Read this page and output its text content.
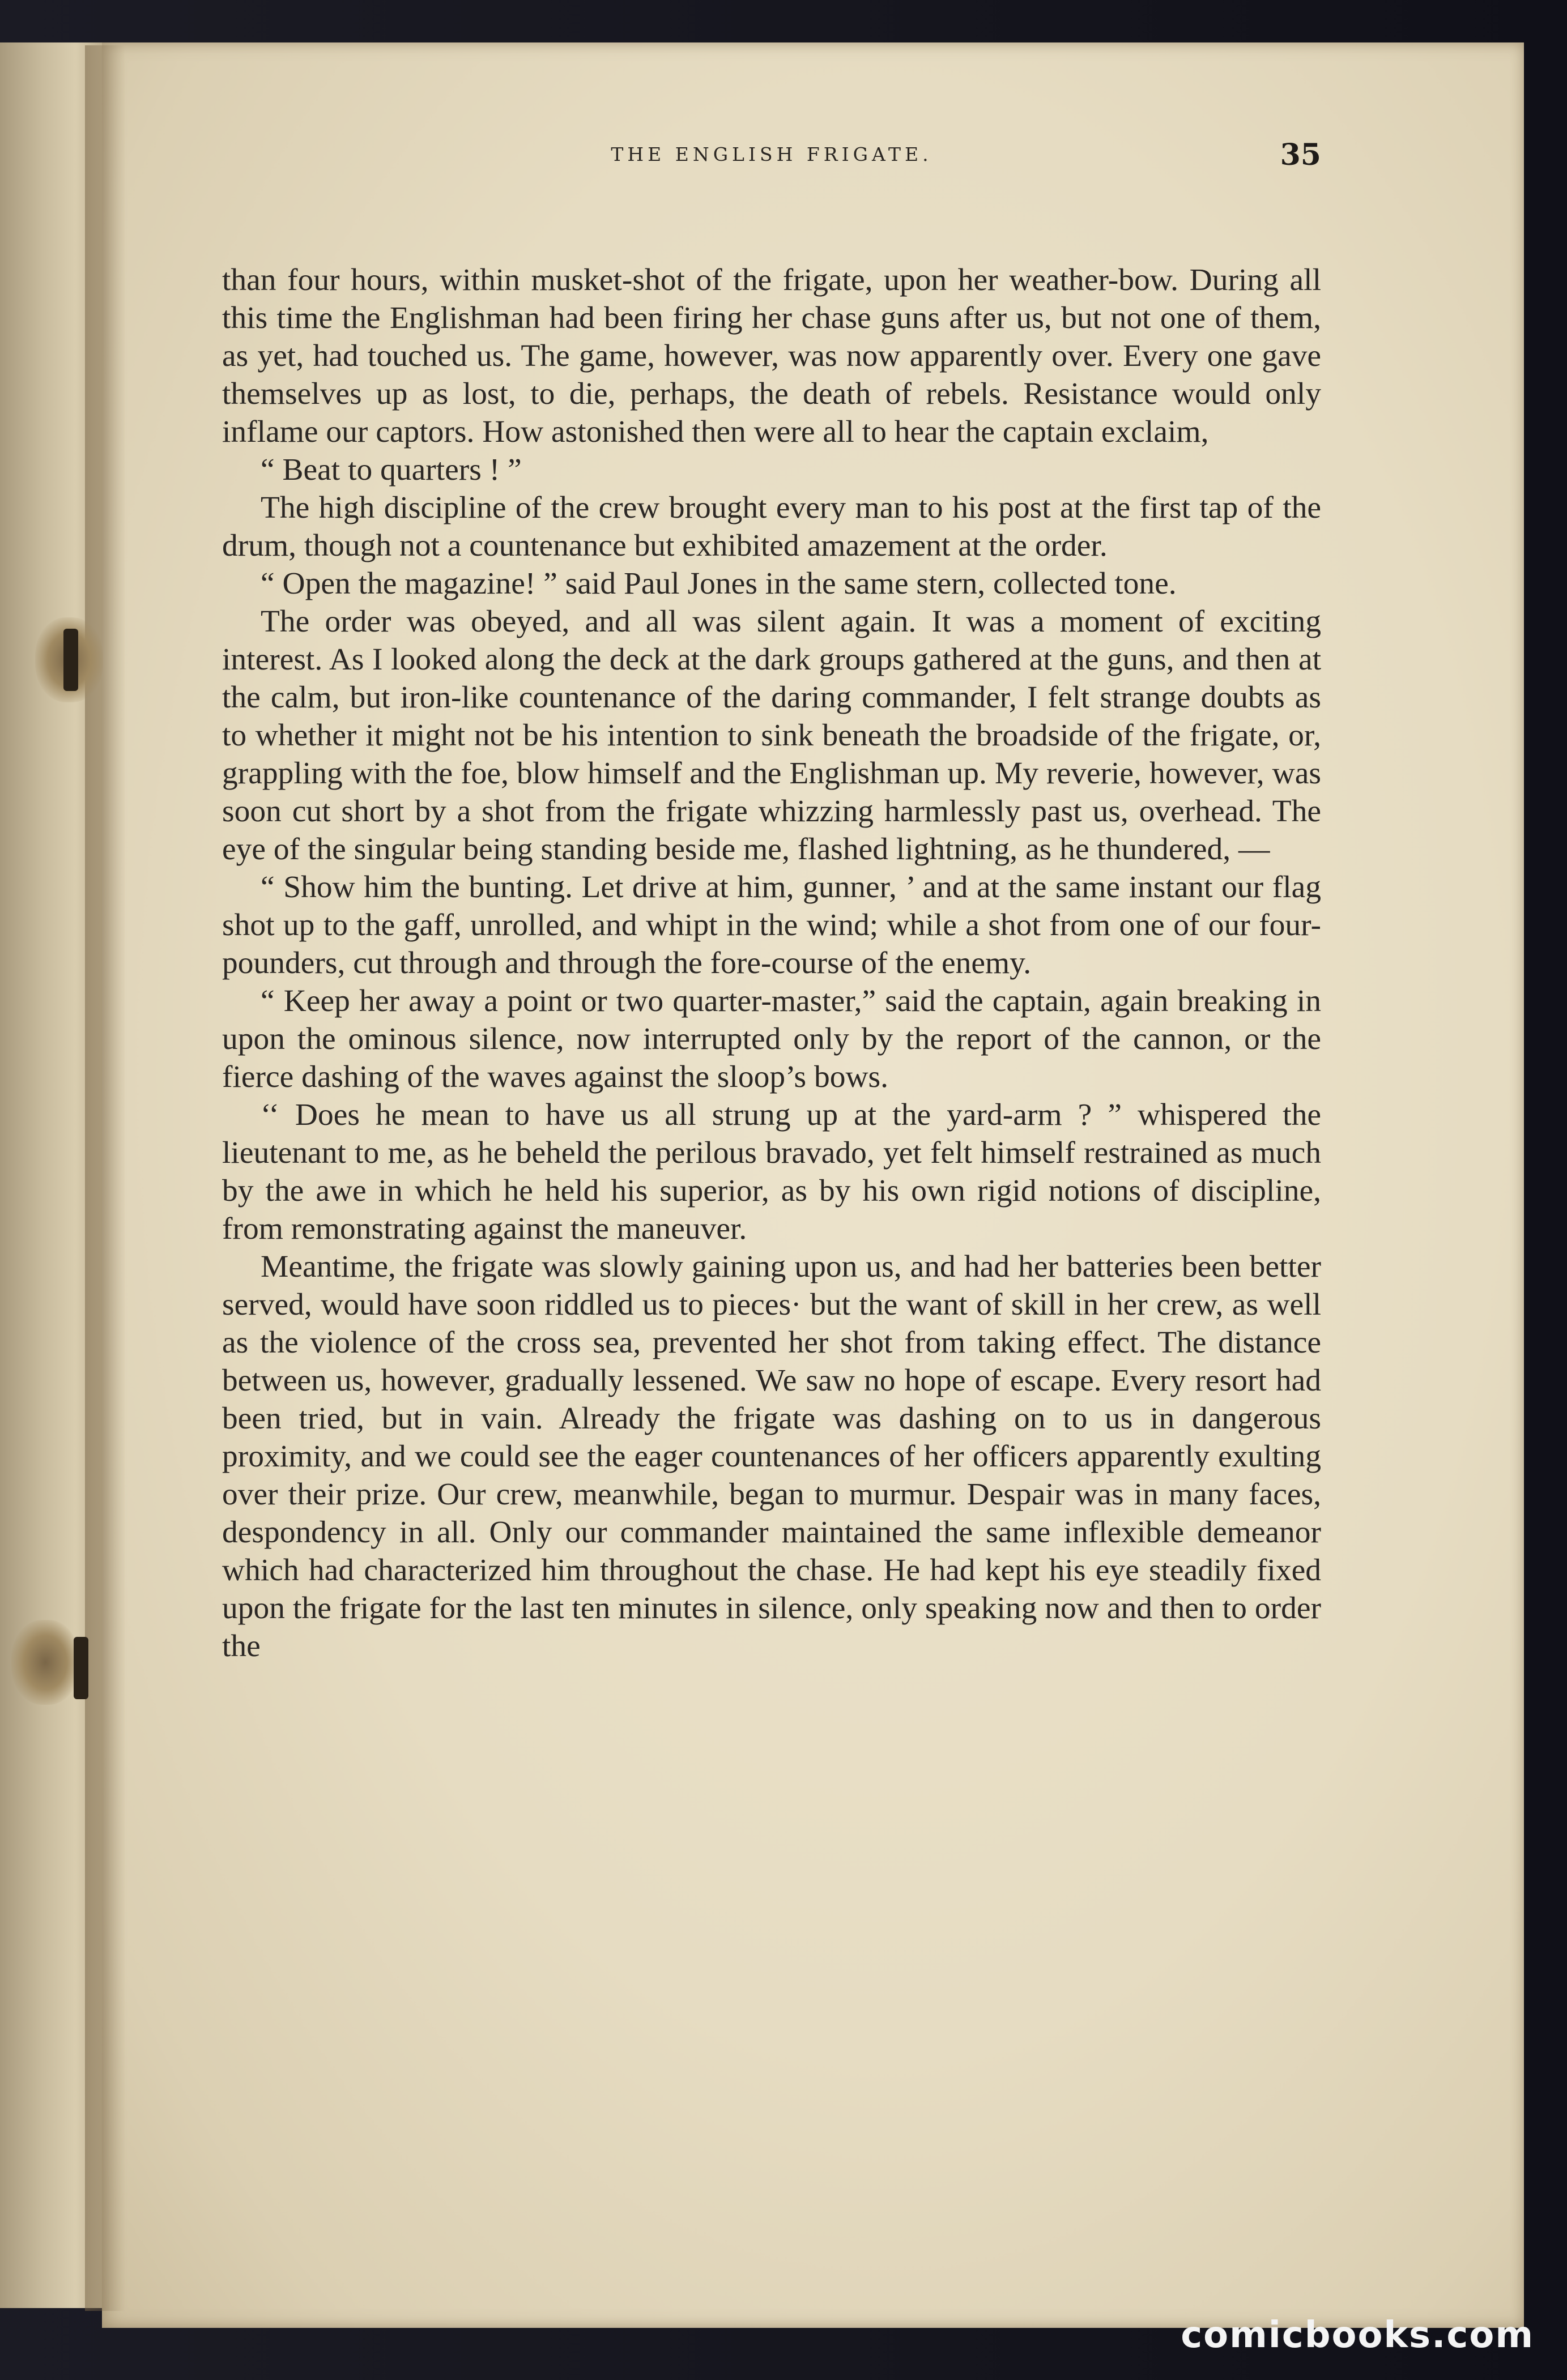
THE ENGLISH FRIGATE.	35

than four hours, within musket-shot of the frigate, upon her weather-bow. During all this time the Englishman had been firing her chase guns after us, but not one of them, as yet, had touched us. The game, however, was now apparently over. Every one gave themselves up as lost, to die, perhaps, the death of rebels. Resistance would only inflame our captors. How astonished then were all to hear the captain exclaim,

“ Beat to quarters ! ”

The high discipline of the crew brought every man to his post at the first tap of the drum, though not a countenance but exhibited amazement at the order.

“ Open the magazine! ” said Paul Jones in the same stern, collected tone.

The order was obeyed, and all was silent again. It was a moment of exciting interest. As I looked along the deck at the dark groups gathered at the guns, and then at the calm, but iron-like countenance of the daring commander, I felt strange doubts as to whether it might not be his intention to sink beneath the broadside of the frigate, or, grappling with the foe, blow himself and the Englishman up. My reverie, however, was soon cut short by a shot from the frigate whizzing harmlessly past us, overhead. The eye of the singular being standing beside me, flashed lightning, as he thundered, —

“ Show him the bunting. Let drive at him, gunner, ’ and at the same instant our flag shot up to the gaff, unrolled, and whipt in the wind; while a shot from one of our four-pounders, cut through and through the fore-course of the enemy.

“ Keep her away a point or two quarter-master,” said the captain, again breaking in upon the ominous silence, now interrupted only by the report of the cannon, or the fierce dashing of the waves against the sloop’s bows.

‘‘ Does he mean to have us all strung up at the yard-arm ? ” whispered the lieutenant to me, as he beheld the perilous bravado, yet felt himself restrained as much by the awe in which he held his superior, as by his own rigid notions of discipline, from remonstrating against the maneuver.

Meantime, the frigate was slowly gaining upon us, and had her batteries been better served, would have soon riddled us to pieces· but the want of skill in her crew, as well as the violence of the cross sea, prevented her shot from taking effect. The distance between us, however, gradually lessened. We saw no hope of escape. Every resort had been tried, but in vain. Already the frigate was dashing on to us in dangerous proximity, and we could see the eager countenances of her officers apparently exulting over their prize. Our crew, meanwhile, began to murmur. Despair was in many faces, despondency in all. Only our commander maintained the same inflexible demeanor which had characterized him throughout the chase. He had kept his eye steadily fixed upon the frigate for the last ten minutes in silence, only speaking now and then to order the

comicbooks.com
